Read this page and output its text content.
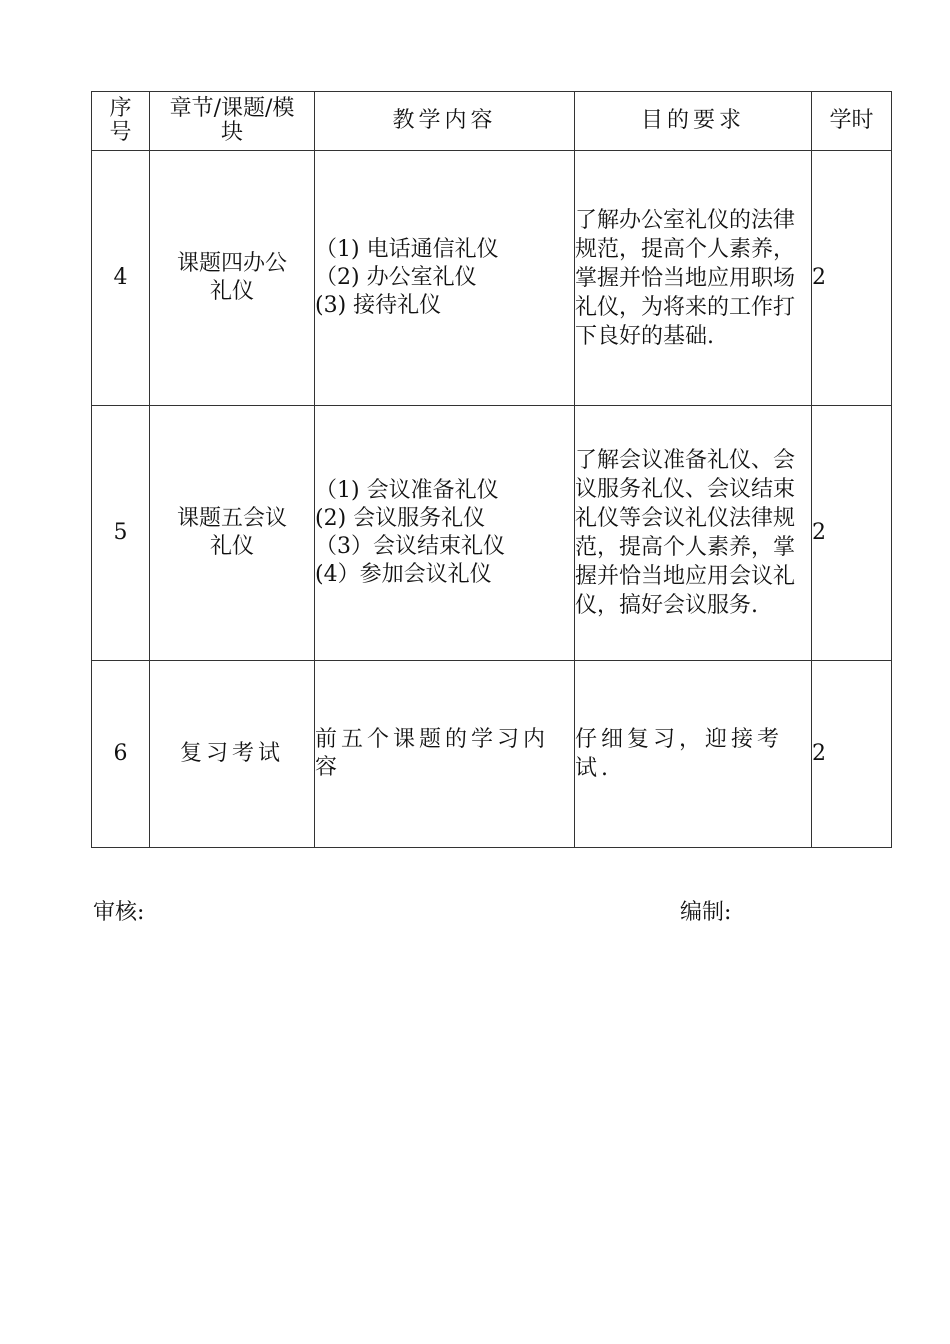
序号	章节/课题/模块	教学内容	目的要求	学时
4	课题四办公礼仪	（1) 电话通信礼仪
（2) 办公室礼仪
(3) 接待礼仪	了解办公室礼仪的法律规范，提高个人素养，掌握并恰当地应用职场礼仪，为将来的工作打下良好的基础.	2
5	课题五会议礼仪	（1) 会议准备礼仪
(2) 会议服务礼仪
（3）会议结束礼仪
(4）参加会议礼仪	了解会议准备礼仪、会议服务礼仪、会议结束礼仪等会议礼仪法律规范，提高个人素养，掌握并恰当地应用会议礼仪，搞好会议服务.	2
6	复习考试	前五个课题的学习内容	仔细复习，迎接考试.	2
审核:	编制:
